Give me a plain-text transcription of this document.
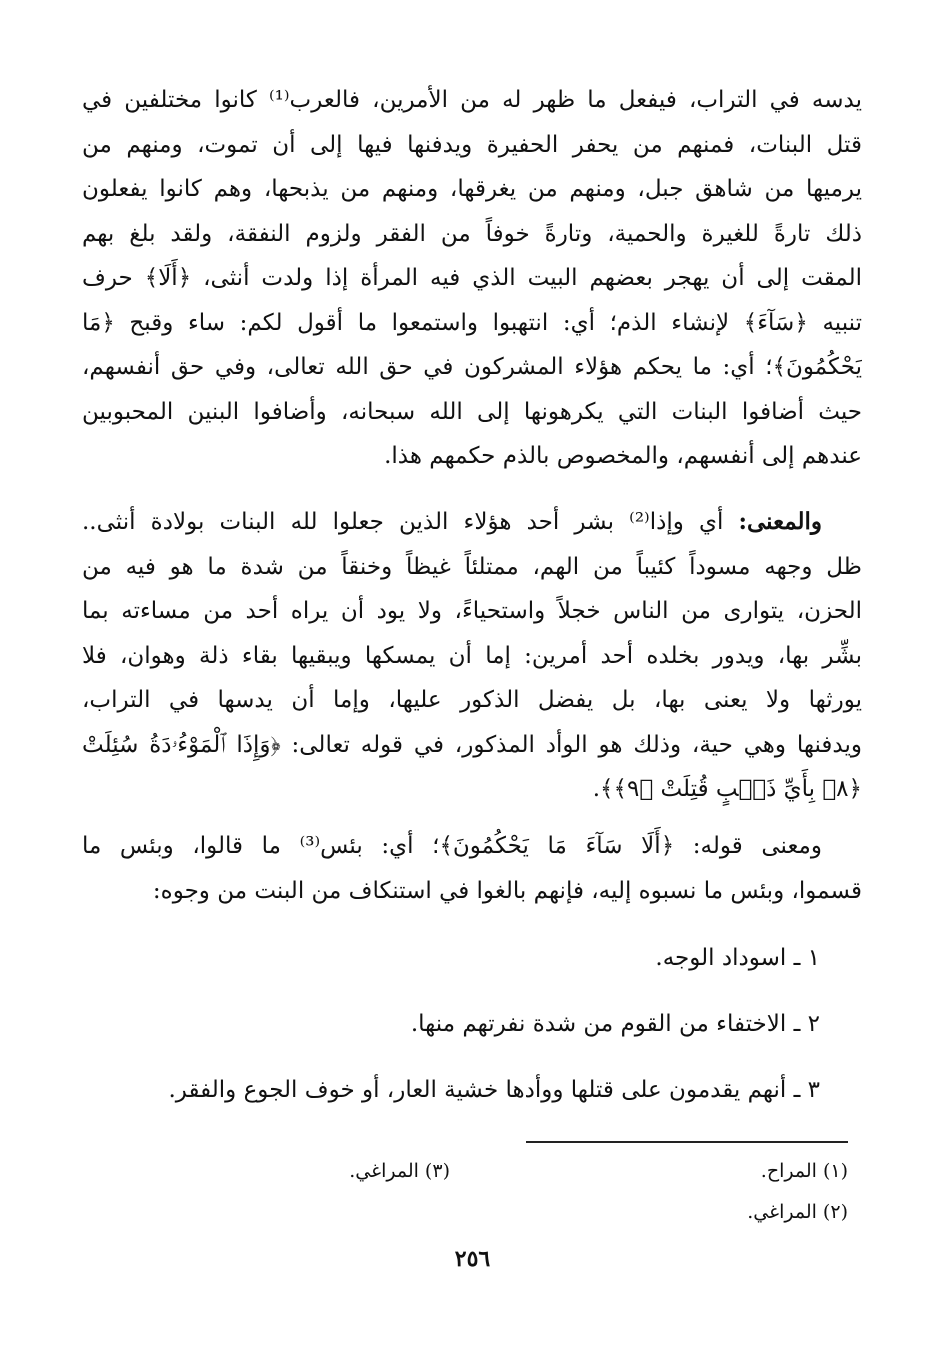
يدسه في التراب، فيفعل ما ظهر له من الأمرين، فالعرب⁽¹⁾ كانوا مختلفين في
قتل البنات، فمنهم من يحفر الحفيرة ويدفنها فيها إلى أن تموت، ومنهم من
يرميها من شاهق جبل، ومنهم من يغرقها، ومنهم من يذبحها، وهم كانوا يفعلون
ذلك تارةً للغيرة والحمية، وتارةً خوفاً من الفقر ولزوم النفقة، ولقد بلغ بهم
المقت إلى أن يهجر بعضهم البيت الذي فيه المرأة إذا ولدت أنثى، ﴿أَلَا﴾ حرف
تنبيه ﴿سَآءَ﴾ لإنشاء الذم؛ أي: انتهبوا واستمعوا ما أقول لكم: ساء وقبح ﴿مَا
يَحْكُمُونَ﴾؛ أي: ما يحكم هؤلاء المشركون في حق الله تعالى، وفي حق أنفسهم،
حيث أضافوا البنات التي يكرهونها إلى الله سبحانه، وأضافوا البنين المحبوبين
عندهم إلى أنفسهم، والمخصوص بالذم حكمهم هذا.
والمعنى: أي وإذا⁽²⁾ بشر أحد هؤلاء الذين جعلوا لله البنات بولادة أنثى..
ظل وجهه مسوداً كئيباً من الهم، ممتلئاً غيظاً وخنقاً من شدة ما هو فيه من
الحزن، يتوارى من الناس خجلاً واستحياءً، ولا يود أن يراه أحد من مساءته بما
بشِّر بها، ويدور بخلده أحد أمرين: إما أن يمسكها ويبقيها بقاء ذلة وهوان، فلا
يورثها ولا يعنى بها، بل يفضل الذكور عليها، وإما أن يدسها في التراب،
ويدفنها وهي حية، وذلك هو الوأد المذكور، في قوله تعالى: ﴿وَإِذَا ٱلْمَوْءُۥدَةُ سُئِلَتْ
﴿٨﴾ بِأَيِّ ذَنۢبٍ قُتِلَتْ ﴿٩﴾﴾.
ومعنى قوله: ﴿أَلَا سَآءَ مَا يَحْكُمُونَ﴾؛ أي: بئس⁽³⁾ ما قالوا، وبئس ما
قسموا، وبئس ما نسبوه إليه، فإنهم بالغوا في استنكاف من البنت من وجوه:
١ ـ اسوداد الوجه.
٢ ـ الاختفاء من القوم من شدة نفرتهم منها.
٣ ـ أنهم يقدمون على قتلها ووأدها خشية العار، أو خوف الجوع والفقر.
(١) المراح.
(٣) المراغي.
(٢) المراغي.
٢٥٦
